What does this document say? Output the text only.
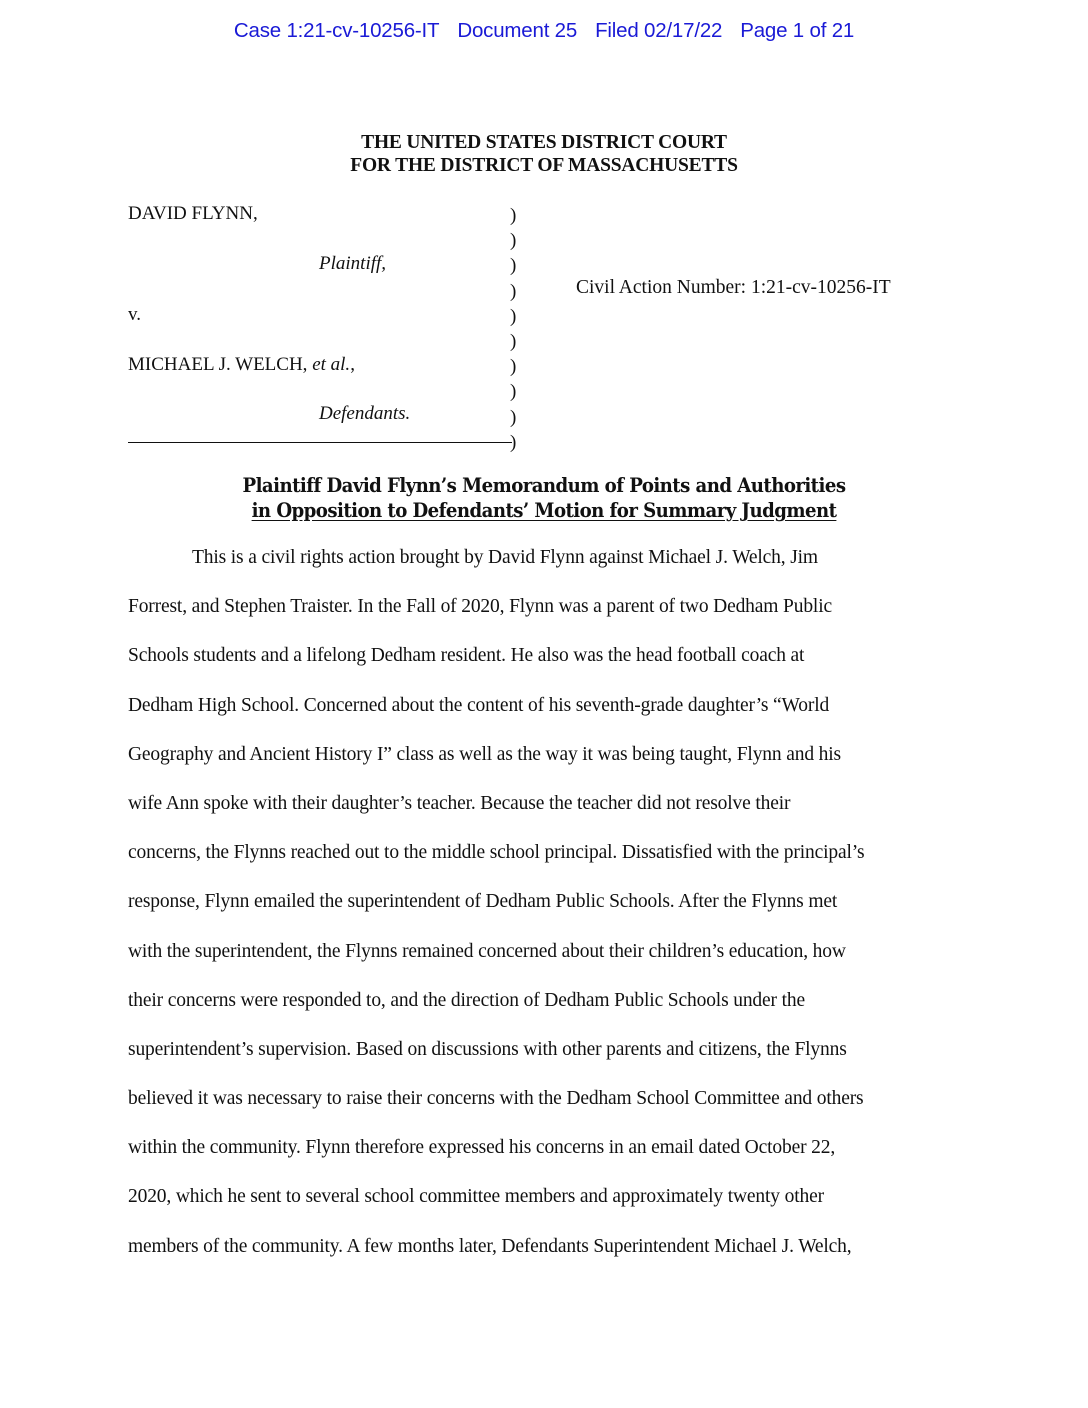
Case 1:21-cv-10256-IT Document 25 Filed 02/17/22 Page 1 of 21
THE UNITED STATES DISTRICT COURT
FOR THE DISTRICT OF MASSACHUSETTS
DAVID FLYNN,
Plaintiff,
v.
MICHAEL J. WELCH, et al.,
Defendants.
)
)
)
)
)
)
)
)
)
)
Civil Action Number: 1:21-cv-10256-IT
Plaintiff David Flynn’s Memorandum of Points and Authorities
in Opposition to Defendants’ Motion for Summary Judgment
This is a civil rights action brought by David Flynn against Michael J. Welch, Jim
Forrest, and Stephen Traister. In the Fall of 2020, Flynn was a parent of two Dedham Public
Schools students and a lifelong Dedham resident. He also was the head football coach at
Dedham High School. Concerned about the content of his seventh-grade daughter’s “World
Geography and Ancient History I” class as well as the way it was being taught, Flynn and his
wife Ann spoke with their daughter’s teacher. Because the teacher did not resolve their
concerns, the Flynns reached out to the middle school principal. Dissatisfied with the principal’s
response, Flynn emailed the superintendent of Dedham Public Schools. After the Flynns met
with the superintendent, the Flynns remained concerned about their children’s education, how
their concerns were responded to, and the direction of Dedham Public Schools under the
superintendent’s supervision. Based on discussions with other parents and citizens, the Flynns
believed it was necessary to raise their concerns with the Dedham School Committee and others
within the community. Flynn therefore expressed his concerns in an email dated October 22,
2020, which he sent to several school committee members and approximately twenty other
members of the community. A few months later, Defendants Superintendent Michael J. Welch,
